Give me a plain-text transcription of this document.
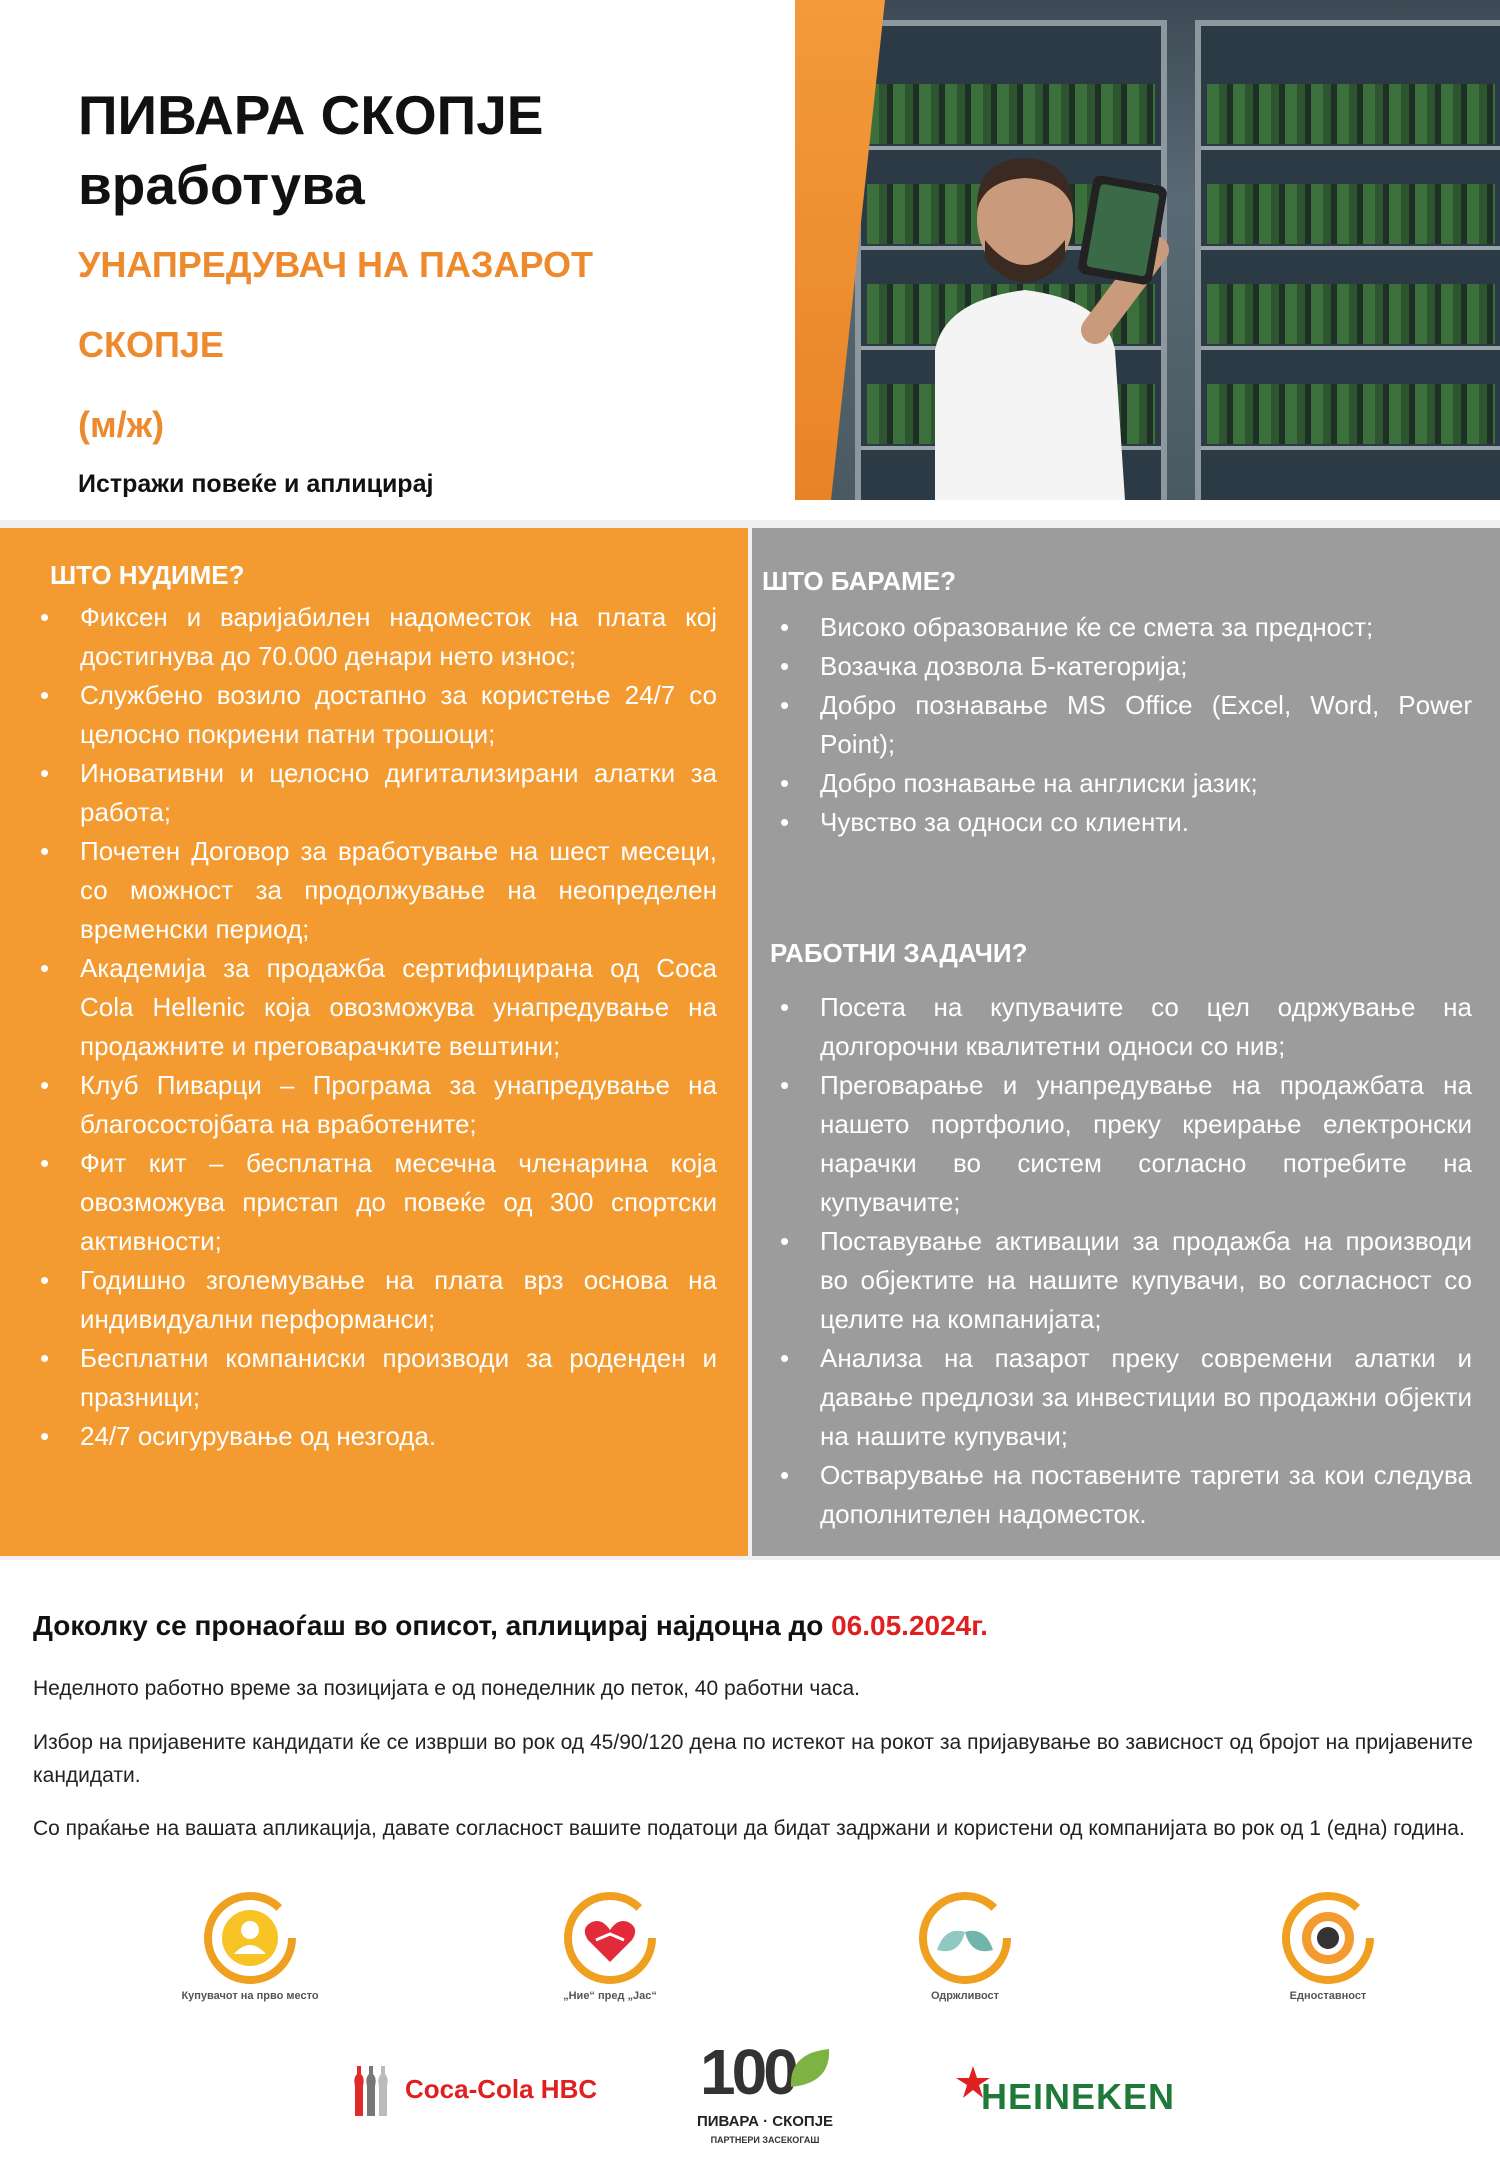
ПИВАРА СКОПЈЕ
вработува
УНАПРЕДУВАЧ НА ПАЗАРОТ
СКОПЈЕ
(м/ж)
Истражи повеќе и аплицирај
ШТО НУДИМЕ?
• Фиксен и варијабилен надоместок на плата кој достигнува до 70.000 денари нето износ;
• Службено возило достапно за користење 24/7 со целосно покриени патни трошоци;
• Иновативни и целосно дигитализирани алатки за работа;
• Почетен Договор за вработување на шест месеци, со можност за продолжување на неопределен временски период;
• Академија за продажба сертифицирана од Coca Cola Hellenic која овозможува унапредување на продажните и преговарачките вештини;
• Клуб Пиварци – Програма за унапредување на благосостојбата на вработените;
• Фит кит – бесплатна месечна членарина која овозможува пристап до повеќе од 300 спортски активности;
• Годишно зголемување на плата врз основа на индивидуални перформанси;
• Бесплатни компаниски производи за роденден и празници;
• 24/7 осигурување од незгода.
ШТО БАРАМЕ?
• Високо образование ќе се смета за предност;
• Возачка дозвола Б-категорија;
• Добро познавање MS Office (Excel, Word, Power Point);
• Добро познавање на англиски јазик;
• Чувство за односи со клиенти.
РАБОТНИ ЗАДАЧИ?
• Посета на купувачите со цел одржување на долгорочни квалитетни односи со нив;
• Преговарање и унапредување на продажбата на нашето портфолио, преку креирање електронски нарачки во систем согласно потребите на купувачите;
• Поставување активации за продажба на производи во објектите на нашите купувачи, во согласност со целите на компанијата;
• Анализа на пазарот преку современи алатки и давање предлози за инвестиции во продажни објекти на нашите купувачи;
• Остварување на поставените таргети за кои следува дополнителен надоместок.
Доколку се пронаоѓаш во описот, аплицирај најдоцна до 06.05.2024г.
Неделното работно време за позицијата е од понеделник до петок, 40 работни часа.
Избор на пријавените кандидати ќе се изврши во рок од 45/90/120 дена по истекот на рокот за пријавување во зависност од бројот на пријавените кандидати.
Со праќање на вашата апликација, давате согласност вашите податоци да бидат задржани и користени од компанијата во рок од 1 (една) година.
Купувачот на прво место	„Ние“ пред „Јас“	Одржливост	Едноставност
Coca-Cola HBC 100
ПИВАРА · СКОПЈЕ
ПАРТНЕРИ ЗАСЕКОГАШ
HEINEKEN
